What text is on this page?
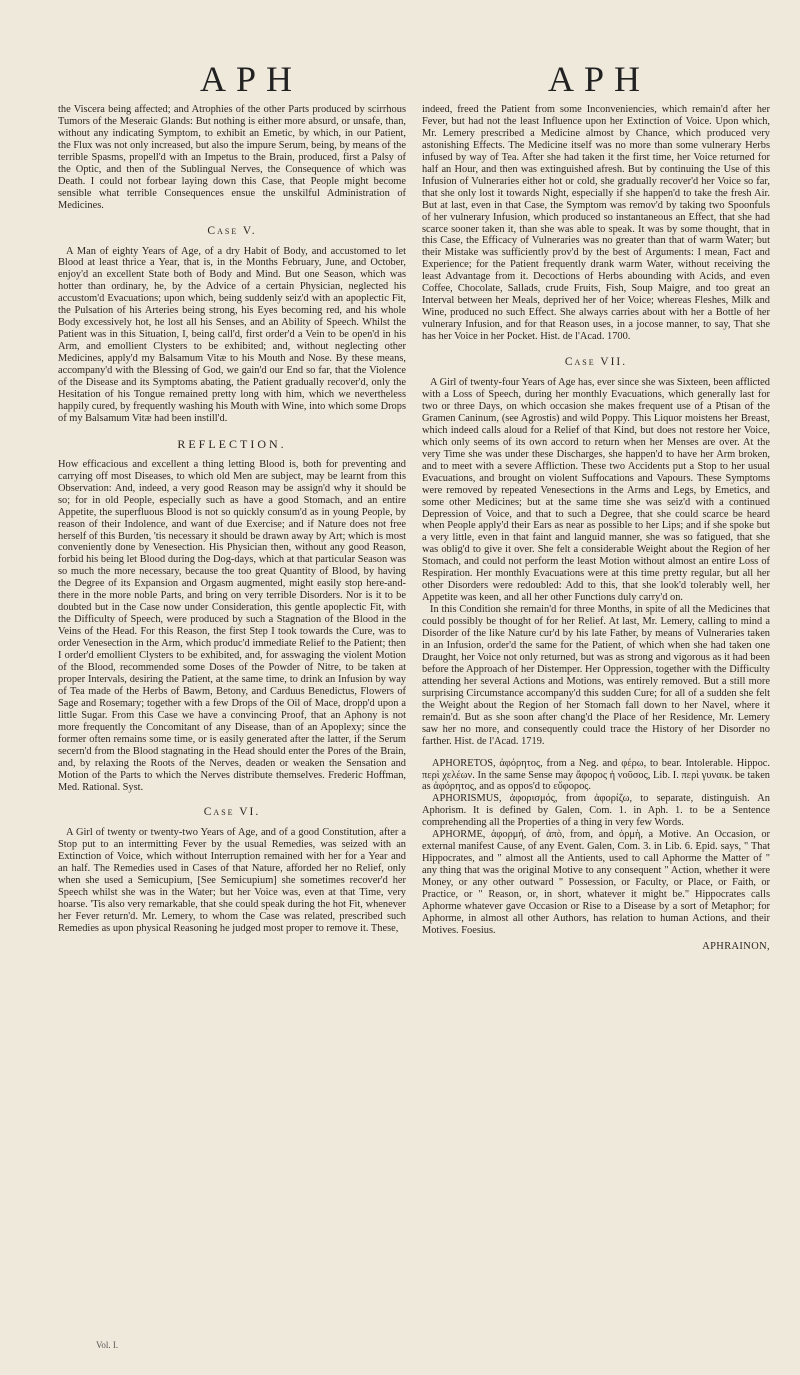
APH	APH

the Viscera being affected; and Atrophies of the other Parts produced by scirrhous Tumors of the Meseraic Glands: But nothing is either more absurd, or unsafe, than, without any indicating Symptom, to exhibit an Emetic, by which, in our Patient, the Flux was not only increased, but also the impure Serum, being, by means of the terrible Spasms, propell'd with an Impetus to the Brain, produced, first a Palsy of the Optic, and then of the Sublingual Nerves, the Consequence of which was Death. I could not forbear laying down this Case, that People might become sensible what terrible Consequences ensue the unskilful Administration of Medicines.

Case V.

A Man of eighty Years of Age, of a dry Habit of Body, and accustomed to let Blood at least thrice a Year, that is, in the Months February, June, and October, enjoy'd an excellent State both of Body and Mind. But one Season, which was hotter than ordinary, he, by the Advice of a certain Physician, neglected his accustom'd Evacuations; upon which, being suddenly seiz'd with an apoplectic Fit, the Pulsation of his Arteries being strong, his Eyes becoming red, and his whole Body excessively hot, he lost all his Senses, and an Ability of Speech. Whilst the Patient was in this Situation, I, being call'd, first order'd a Vein to be open'd in his Arm, and emollient Clysters to be exhibited; and, without neglecting other Medicines, apply'd my Balsamum Vitæ to his Mouth and Nose. By these means, accompany'd with the Blessing of God, we gain'd our End so far, that the Violence of the Disease and its Symptoms abating, the Patient gradually recover'd, only the Hesitation of his Tongue remained pretty long with him, which we nevertheless happily cured, by frequently washing his Mouth with Wine, into which some Drops of my Balsamum Vitæ had been instill'd.

REFLECTION.

How efficacious and excellent a thing letting Blood is, both for preventing and carrying off most Diseases, to which old Men are subject, may be learnt from this Observation: And, indeed, a very good Reason may be assign'd why it should be so; for in old People, especially such as have a good Stomach, and an entire Appetite, the superfluous Blood is not so quickly consum'd as in young People, by reason of their Indolence, and want of due Exercise; and if Nature does not free herself of this Burden, 'tis necessary it should be drawn away by Art; which is most conveniently done by Venesection. His Physician then, without any good Reason, forbid his being let Blood during the Dog-days, which at that particular Season was so much the more necessary, because the too great Quantity of Blood, by having the Degree of its Expansion and Orgasm augmented, might easily stop here-and-there in the more noble Parts, and bring on very terrible Disorders. Nor is it to be doubted but in the Case now under Consideration, this gentle apoplectic Fit, with the Difficulty of Speech, were produced by such a Stagnation of the Blood in the Veins of the Head. For this Reason, the first Step I took towards the Cure, was to order Venesection in the Arm, which produc'd immediate Relief to the Patient; then I order'd emollient Clysters to be exhibited, and, for asswaging the violent Motion of the Blood, recommended some Doses of the Powder of Nitre, to be taken at proper Intervals, desiring the Patient, at the same time, to drink an Infusion by way of Tea made of the Herbs of Bawm, Betony, and Carduus Benedictus, Flowers of Sage and Rosemary; together with a few Drops of the Oil of Mace, dropp'd upon a little Sugar. From this Case we have a convincing Proof, that an Aphony is not more frequently the Concomitant of any Disease, than of an Apoplexy; since the former often remains some time, or is easily generated after the latter, if the Serum secern'd from the Blood stagnating in the Head should enter the Pores of the Brain, and, by relaxing the Roots of the Nerves, deaden or weaken the Sensation and Motion of the Parts to which the Nerves distribute themselves. Frederic Hoffman, Med. Rational. Syst.

Case VI.

A Girl of twenty or twenty-two Years of Age, and of a good Constitution, after a Stop put to an intermitting Fever by the usual Remedies, was seized with an Extinction of Voice, which without Interruption remained with her for a Year and an half. The Remedies used in Cases of that Nature, afforded her no Relief, only when she used a Semicupium, [See Semicupium] she sometimes recover'd her Speech whilst she was in the Water; but her Voice was, even at that Time, very hoarse. 'Tis also very remarkable, that she could speak during the hot Fit, whenever her Fever return'd. Mr. Lemery, to whom the Case was related, prescribed such Remedies as upon physical Reasoning he judged most proper to remove it. These,

indeed, freed the Patient from some Inconveniencies, which remain'd after her Fever, but had not the least Influence upon her Extinction of Voice. Upon which, Mr. Lemery prescribed a Medicine almost by Chance, which produced very astonishing Effects. The Medicine itself was no more than some vulnerary Herbs infused by way of Tea. After she had taken it the first time, her Voice returned for half an Hour, and then was extinguished afresh. But by continuing the Use of this Infusion of Vulneraries either hot or cold, she gradually recover'd her Voice so far, that she only lost it towards Night, especially if she happen'd to take the fresh Air. But at last, even in that Case, the Symptom was remov'd by taking two Spoonfuls of her vulnerary Infusion, which produced so instantaneous an Effect, that she had scarce sooner taken it, than she was able to speak. It was by some thought, that in this Case, the Efficacy of Vulneraries was no greater than that of warm Water; but their Mistake was sufficiently prov'd by the best of Arguments: I mean, Fact and Experience; for the Patient frequently drank warm Water, without receiving the least Advantage from it. Decoctions of Herbs abounding with Acids, and even Coffee, Chocolate, Sallads, crude Fruits, Fish, Soup Maigre, and too great an Interval between her Meals, deprived her of her Voice; whereas Fleshes, Milk and Wine, produced no such Effect. She always carries about with her a Bottle of her vulnerary Infusion, and for that Reason uses, in a jocose manner, to say, That she has her Voice in her Pocket. Hist. de l'Acad. 1700.

Case VII.

A Girl of twenty-four Years of Age has, ever since she was Sixteen, been afflicted with a Loss of Speech, during her monthly Evacuations, which generally last for two or three Days, on which occasion she makes frequent use of a Ptisan of the Gramen Caninum, (see Agrostis) and wild Poppy. This Liquor moistens her Breast, which indeed calls aloud for a Relief of that Kind, but does not restore her Voice, which only seems of its own accord to return when her Menses are over. At the very Time she was under these Discharges, she happen'd to have her Arm broken, and to meet with a severe Affliction. These two Accidents put a Stop to her usual Evacuations, and brought on violent Suffocations and Vapours. These Symptoms were removed by repeated Venesections in the Arms and Legs, by Emetics, and some other Medicines; but at the same time she was seiz'd with a continued Depression of Voice, and that to such a Degree, that she could scarce be heard when People apply'd their Ears as near as possible to her Lips; and if she spoke but a very little, even in that faint and languid manner, she was so fatigued, that she was oblig'd to give it over. She felt a considerable Weight about the Region of her Stomach, and could not perform the least Motion without almost an entire Loss of Respiration. Her monthly Evacuations were at this time pretty regular, but all her other Disorders were redoubled: Add to this, that she look'd tolerably well, her Appetite was keen, and all her other Functions duly carry'd on.

In this Condition she remain'd for three Months, in spite of all the Medicines that could possibly be thought of for her Relief. At last, Mr. Lemery, calling to mind a Disorder of the like Nature cur'd by his late Father, by means of Vulneraries taken in an Infusion, order'd the same for the Patient, of which when she had taken one Draught, her Voice not only returned, but was as strong and vigorous as it had been before the Approach of her Distemper. Her Oppression, together with the Difficulty attending her several Actions and Motions, was entirely removed. But a still more surprising Circumstance accompany'd this sudden Cure; for all of a sudden she felt the Weight about the Region of her Stomach fall down to her Navel, where it remain'd. But as she soon after chang'd the Place of her Residence, Mr. Lemery saw her no more, and consequently could trace the History of her Disorder no farther. Hist. de l'Acad. 1719.

APHORETOS, ἀφόρητος, from a Neg. and φέρω, to bear. Intolerable. Hippoc. περὶ χελέων. In the same Sense may ἄφορος ἡ νοῦσος, Lib. I. περὶ γυναικ. be taken as ἀφόρητος, and as oppos'd to εὔφορος.

APHORISMUS, ἀφορισμός, from ἀφορίζω, to separate, distinguish. An Aphorism. It is defined by Galen, Com. 1. in Aph. 1. to be a Sentence comprehending all the Properties of a thing in very few Words.

APHORME, ἀφορμή, of ἀπὸ, from, and ὁρμὴ, a Motive. An Occasion, or external manifest Cause, of any Event. Galen, Com. 3. in Lib. 6. Epid. says, " That Hippocrates, and " almost all the Antients, used to call Aphorme the Matter of " any thing that was the original Motive to any consequent " Action, whether it were Money, or any other outward " Possession, or Faculty, or Place, or Faith, or Practice, or " Reason, or, in short, whatever it might be." Hippocrates calls Aphorme whatever gave Occasion or Rise to a Disease by a sort of Metaphor; for Aphorme, in almost all other Authors, has relation to human Actions, and their Motives. Foesius.

APHRAINON,
Vol. I.
